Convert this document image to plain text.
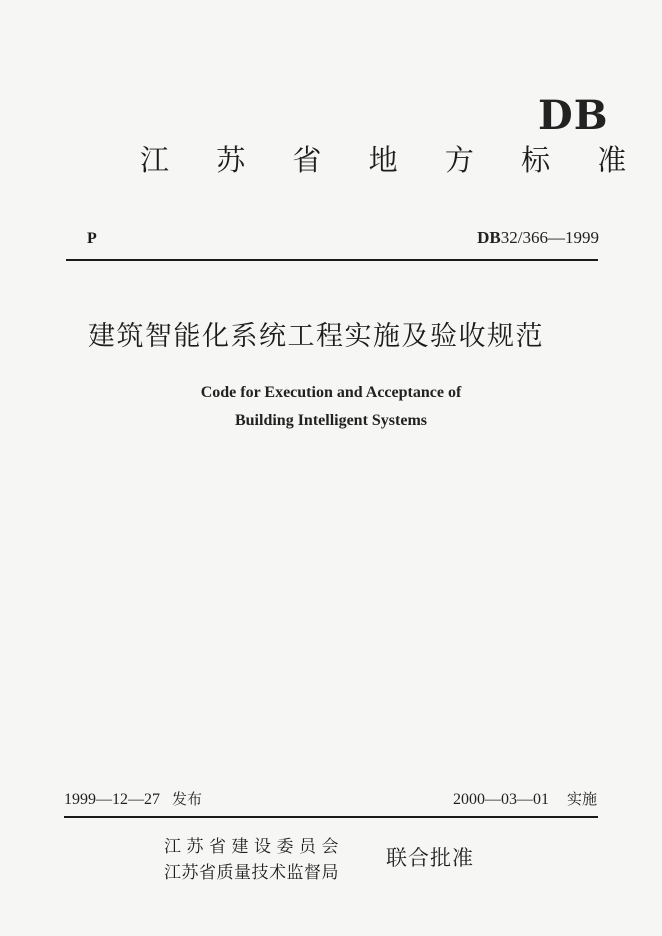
DB
江 苏 省 地 方 标 准
P	DB32/366—1999
建筑智能化系统工程实施及验收规范
Code for Execution and Acceptance of
Building Intelligent Systems
1999—12—27 发布	2000—03—01 实施
江苏省建设委员会
江苏省质量技术监督局
联合批准
